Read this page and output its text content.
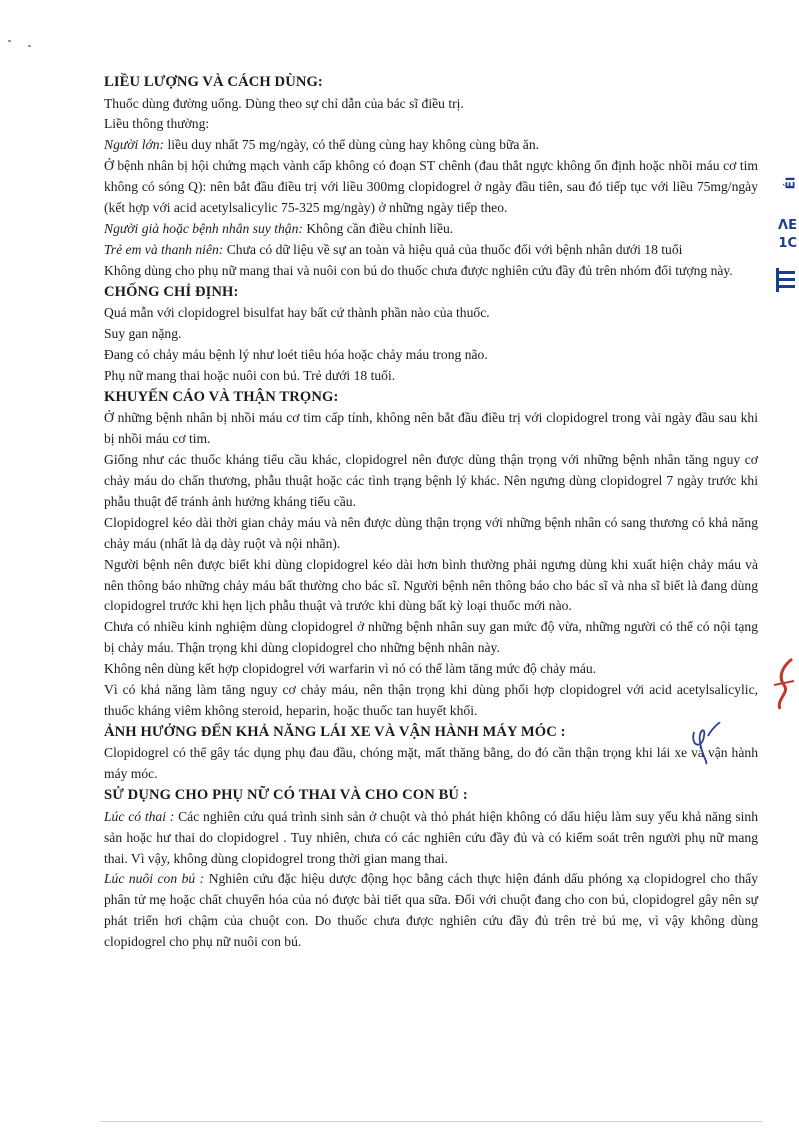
LIỀU LƯỢNG VÀ CÁCH DÙNG:

Thuốc dùng đường uống. Dùng theo sự chỉ dẫn của bác sĩ điều trị.

Liều thông thường:

Người lớn: liều duy nhất 75 mg/ngày, có thể dùng cùng hay không cùng bữa ăn.

Ở bệnh nhân bị hội chứng mạch vành cấp không có đoạn ST chênh (đau thắt ngực không ổn định hoặc nhồi máu cơ tim không có sóng Q): nên bắt đầu điều trị với liều 300mg clopidogrel ở ngày đầu tiên, sau đó tiếp tục với liều 75mg/ngày (kết hợp với acid acetylsalicylic 75-325 mg/ngày) ở những ngày tiếp theo.

Người già hoặc bệnh nhân suy thận: Không cần điều chỉnh liều.

Trẻ em và thanh niên: Chưa có dữ liệu về sự an toàn và hiệu quả của thuốc đối với bệnh nhân dưới 18 tuổi

Không dùng cho phụ nữ mang thai và nuôi con bú do thuốc chưa được nghiên cứu đầy đủ trên nhóm đối tượng này.

CHỐNG CHỈ ĐỊNH:

Quá mẫn với clopidogrel bisulfat hay bất cứ thành phần nào của thuốc.

Suy gan nặng.

Đang có chảy máu bệnh lý như loét tiêu hóa hoặc chảy máu trong não.

Phụ nữ mang thai hoặc nuôi con bú. Trẻ dưới 18 tuổi.

KHUYẾN CÁO VÀ THẬN TRỌNG:

Ở những bệnh nhân bị nhồi máu cơ tim cấp tính, không nên bắt đầu điều trị với clopidogrel trong vài ngày đầu sau khi bị nhồi máu cơ tim.

Giống như các thuốc kháng tiểu cầu khác, clopidogrel nên được dùng thận trọng với những bệnh nhân tăng nguy cơ chảy máu do chấn thương, phẫu thuật hoặc các tình trạng bệnh lý khác. Nên ngưng dùng clopidogrel 7 ngày trước khi phẫu thuật để tránh ảnh hưởng kháng tiểu cầu.

Clopidogrel kéo dài thời gian chảy máu và nên được dùng thận trọng với những bệnh nhân có sang thương có khả năng chảy máu (nhất là dạ dày ruột và nội nhãn).

Người bệnh nên được biết khi dùng clopidogrel kéo dài hơn bình thường phải ngưng dùng khi xuất hiện chảy máu và nên thông báo những chảy máu bất thường cho bác sĩ. Người bệnh nên thông báo cho bác sĩ và nha sĩ biết là đang dùng clopidogrel trước khi hẹn lịch phẫu thuật và trước khi dùng bất kỳ loại thuốc mới nào.

Chưa có nhiều kinh nghiệm dùng clopidogrel ở những bệnh nhân suy gan mức độ vừa, những người có thể có nội tạng bị chảy máu. Thận trọng khi dùng clopidogrel cho những bệnh nhân này.

Không nên dùng kết hợp clopidogrel với warfarin vì nó có thể làm tăng mức độ chảy máu.

Vì có khả năng làm tăng nguy cơ chảy máu, nên thận trọng khi dùng phối hợp clopidogrel với acid acetylsalicylic, thuốc kháng viêm không steroid, heparin, hoặc thuốc tan huyết khối.

ẢNH HƯỞNG ĐẾN KHẢ NĂNG LÁI XE VÀ VẬN HÀNH MÁY MÓC :

Clopidogrel có thể gây tác dụng phụ đau đầu, chóng mặt, mất thăng bằng, do đó cần thận trọng khi lái xe và vận hành máy móc.

SỬ DỤNG CHO PHỤ NỮ CÓ THAI VÀ CHO CON BÚ :

Lúc có thai : Các nghiên cứu quá trình sinh sản ở chuột và thỏ phát hiện không có dấu hiệu làm suy yếu khả năng sinh sản hoặc hư thai do clopidogrel . Tuy nhiên, chưa có các nghiên cứu đầy đủ và có kiểm soát trên người phụ nữ mang thai. Vì vậy, không dùng clopidogrel trong thời gian mang thai.

Lúc nuôi con bú : Nghiên cứu đặc hiệu dược động học bằng cách thực hiện đánh dấu phóng xạ clopidogrel cho thấy phân tử mẹ hoặc chất chuyển hóa của nó được bài tiết qua sữa. Đối với chuột đang cho con bú, clopidogrel gây nên sự phát triển hơi chậm của chuột con. Do thuốc chưa được nghiên cứu đầy đủ trên trẻ bú mẹ, vì vậy không dùng clopidogrel cho phụ nữ nuôi con bú.

ÉI
ΛE
1C
